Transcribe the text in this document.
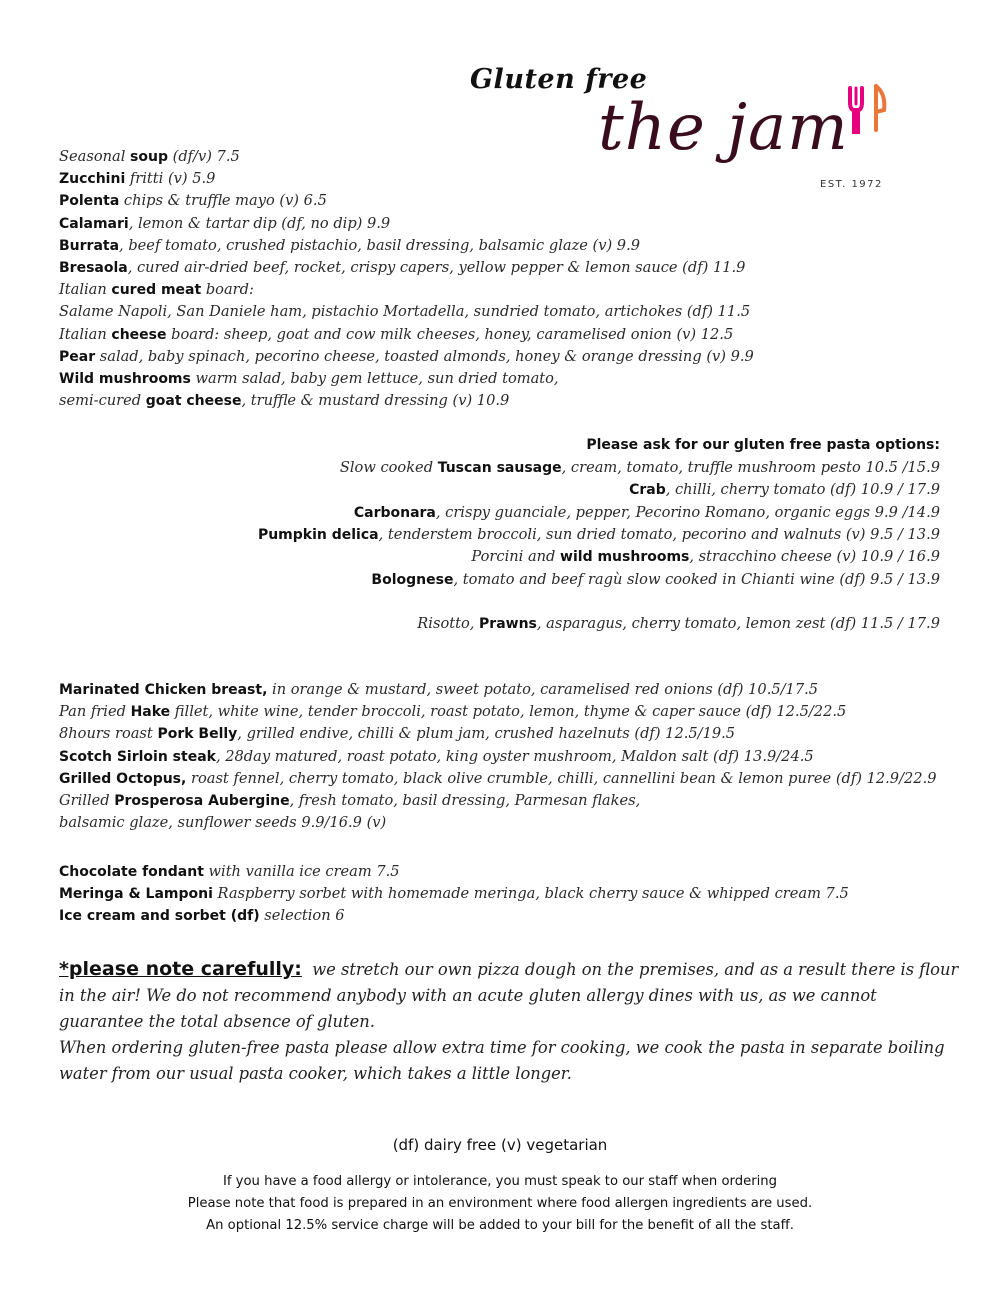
Gluten free
the jam
EST. 1972
Seasonal soup (df/v) 7.5
Zucchini fritti (v) 5.9
Polenta chips & truffle mayo (v) 6.5
Calamari, lemon & tartar dip (df, no dip) 9.9
Burrata, beef tomato, crushed pistachio, basil dressing, balsamic glaze (v) 9.9
Bresaola, cured air-dried beef, rocket, crispy capers, yellow pepper & lemon sauce (df) 11.9
Italian cured meat board:
Salame Napoli, San Daniele ham, pistachio Mortadella, sundried tomato, artichokes (df) 11.5
Italian cheese board: sheep, goat and cow milk cheeses, honey, caramelised onion (v) 12.5
Pear salad, baby spinach, pecorino cheese, toasted almonds, honey & orange dressing (v) 9.9
Wild mushrooms warm salad, baby gem lettuce, sun dried tomato,
semi-cured goat cheese, truffle & mustard dressing (v) 10.9
Please ask for our gluten free pasta options:
Slow cooked Tuscan sausage, cream, tomato, truffle mushroom pesto 10.5 /15.9
Crab, chilli, cherry tomato (df) 10.9 / 17.9
Carbonara, crispy guanciale, pepper, Pecorino Romano, organic eggs 9.9 /14.9
Pumpkin delica, tenderstem broccoli, sun dried tomato, pecorino and walnuts (v) 9.5 / 13.9
Porcini and wild mushrooms, stracchino cheese (v) 10.9 / 16.9
Bolognese, tomato and beef ragù slow cooked in Chianti wine (df) 9.5 / 13.9
Risotto, Prawns, asparagus, cherry tomato, lemon zest (df) 11.5 / 17.9
Marinated Chicken breast, in orange & mustard, sweet potato, caramelised red onions (df) 10.5/17.5
Pan fried Hake fillet, white wine, tender broccoli, roast potato, lemon, thyme & caper sauce (df) 12.5/22.5
8hours roast Pork Belly, grilled endive, chilli & plum jam, crushed hazelnuts (df) 12.5/19.5
Scotch Sirloin steak, 28day matured, roast potato, king oyster mushroom, Maldon salt (df) 13.9/24.5
Grilled Octopus, roast fennel, cherry tomato, black olive crumble, chilli, cannellini bean & lemon puree (df) 12.9/22.9
Grilled Prosperosa Aubergine, fresh tomato, basil dressing, Parmesan flakes,
balsamic glaze, sunflower seeds 9.9/16.9 (v)
Chocolate fondant with vanilla ice cream 7.5
Meringa & Lamponi Raspberry sorbet with homemade meringa, black cherry sauce & whipped cream 7.5
Ice cream and sorbet (df) selection 6
*please note carefully: we stretch our own pizza dough on the premises, and as a result there is flour
in the air! We do not recommend anybody with an acute gluten allergy dines with us, as we cannot
guarantee the total absence of gluten.
When ordering gluten-free pasta please allow extra time for cooking, we cook the pasta in separate boiling
water from our usual pasta cooker, which takes a little longer.
(df) dairy free (v) vegetarian
If you have a food allergy or intolerance, you must speak to our staff when ordering
Please note that food is prepared in an environment where food allergen ingredients are used.
An optional 12.5% service charge will be added to your bill for the benefit of all the staff.
